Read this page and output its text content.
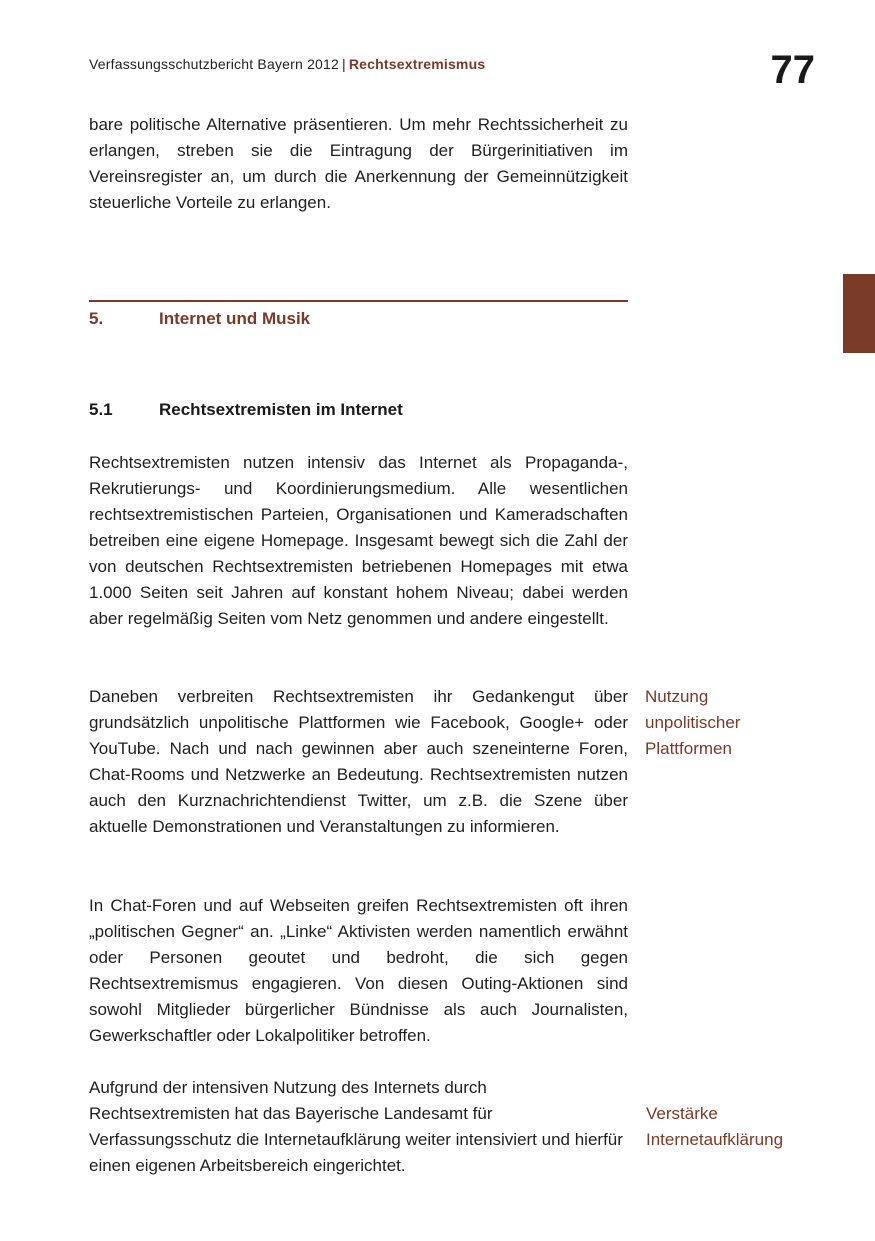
Verfassungsschutzbericht Bayern 2012 | Rechtsextremismus	77

bare politische Alternative präsentieren. Um mehr Rechtssicherheit zu erlangen, streben sie die Eintragung der Bürgerinitiativen im Vereinsregister an, um durch die Anerkennung der Gemeinnützigkeit steuerliche Vorteile zu erlangen.

5.	Internet und Musik
5.1	Rechtsextremisten im Internet

Rechtsextremisten nutzen intensiv das Internet als Propaganda-, Rekrutierungs- und Koordinierungsmedium. Alle wesentlichen rechtsextremistischen Parteien, Organisationen und Kameradschaften betreiben eine eigene Homepage. Insgesamt bewegt sich die Zahl der von deutschen Rechtsextremisten betriebenen Homepages mit etwa 1.000 Seiten seit Jahren auf konstant hohem Niveau; dabei werden aber regelmäßig Seiten vom Netz genommen und andere eingestellt.

Daneben verbreiten Rechtsextremisten ihr Gedankengut über grundsätzlich unpolitische Plattformen wie Facebook, Google+ oder YouTube. Nach und nach gewinnen aber auch szeneinterne Foren, Chat-Rooms und Netzwerke an Bedeutung. Rechtsextremisten nutzen auch den Kurznachrichtendienst Twitter, um z.B. die Szene über aktuelle Demonstrationen und Veranstaltungen zu informieren.

In Chat-Foren und auf Webseiten greifen Rechtsextremisten oft ihren „politischen Gegner“ an. „Linke“ Aktivisten werden namentlich erwähnt oder Personen geoutet und bedroht, die sich gegen Rechtsextremismus engagieren. Von diesen Outing-Aktionen sind sowohl Mitglieder bürgerlicher Bündnisse als auch Journalisten, Gewerkschaftler oder Lokalpolitiker betroffen.

Aufgrund der intensiven Nutzung des Internets durch Rechtsextremisten hat das Bayerische Landesamt für Verfassungsschutz die Internetaufklärung weiter intensiviert und hierfür einen eigenen Arbeitsbereich eingerichtet.

Nutzung
unpolitischer
Plattformen
Verstärke
Internetaufklärung
